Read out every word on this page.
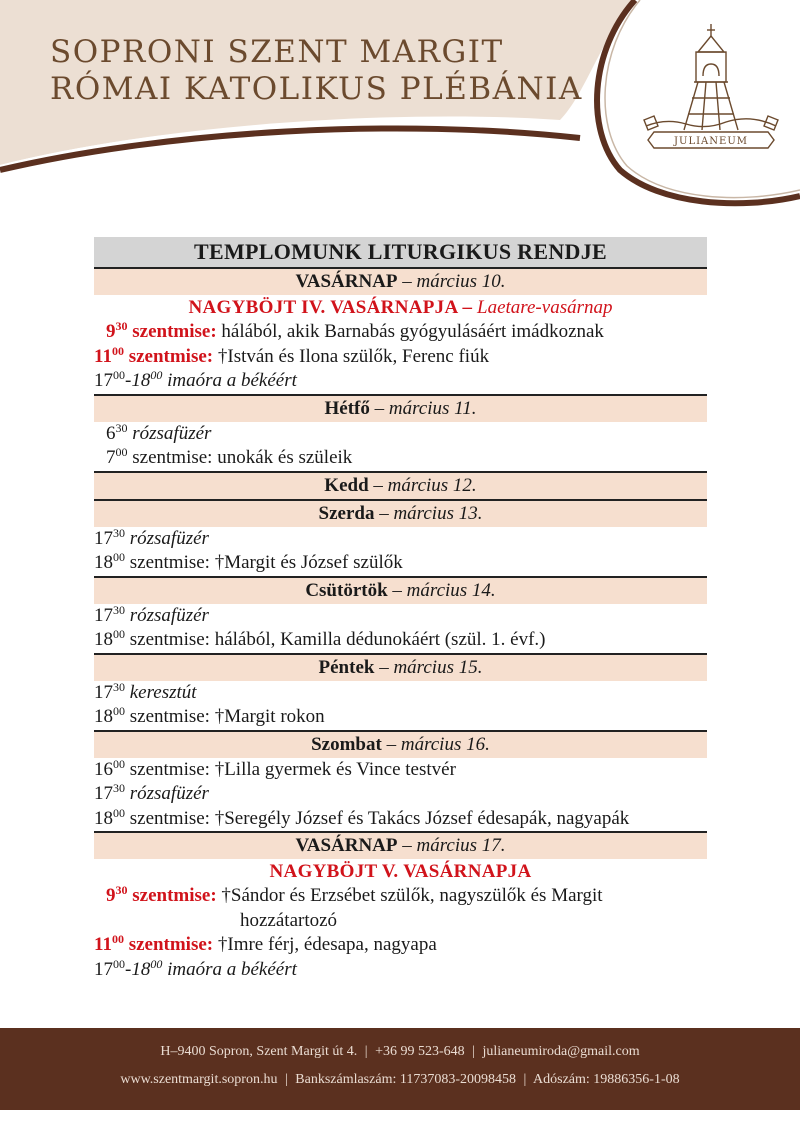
SOPRONI SZENT MARGIT
RÓMAI KATOLIKUS PLÉBÁNIA
JULIANEUM
TEMPLOMUNK LITURGIKUS RENDJE
VASÁRNAP – március 10.
NAGYBÖJT IV. VASÁRNAPJA – Laetare-vasárnap
$9^{30}$ szentmise: hálából, akik Barnabás gyógyulásáért imádkoznak
$11^{00}$ szentmise: †István és Ilona szülők, Ferenc fiúk
$17^{00}-18^{00}$ imaóra a békéért
Hétfő – március 11.
$6^{30}$ rózsafüzér
$7^{00}$ szentmise: unokák és szüleik
Kedd – március 12.
Szerda – március 13.
$17^{30}$ rózsafüzér
$18^{00}$ szentmise: †Margit és József szülők
Csütörtök – március 14.
$17^{30}$ rózsafüzér
$18^{00}$ szentmise: hálából, Kamilla dédunokáért (szül. 1. évf.)
Péntek – március 15.
$17^{30}$ keresztút
$18^{00}$ szentmise: †Margit rokon
Szombat – március 16.
$16^{00}$ szentmise: †Lilla gyermek és Vince testvér
$17^{30}$ rózsafüzér
$18^{00}$ szentmise: †Seregély József és Takács József édesapák, nagyapák
VASÁRNAP – március 17.
NAGYBÖJT V. VASÁRNAPJA
$9^{30}$ szentmise: †Sándor és Erzsébet szülők, nagyszülők és Margit
hozzátartozó
$11^{00}$ szentmise: †Imre férj, édesapa, nagyapa
$17^{00}-18^{00}$ imaóra a békéért
H–9400 Sopron, Szent Margit út 4. | +36 99 523-648 | julianeumiroda@gmail.com
www.szentmargit.sopron.hu | Bankszámlaszám: 11737083-20098458 | Adószám: 19886356-1-08
